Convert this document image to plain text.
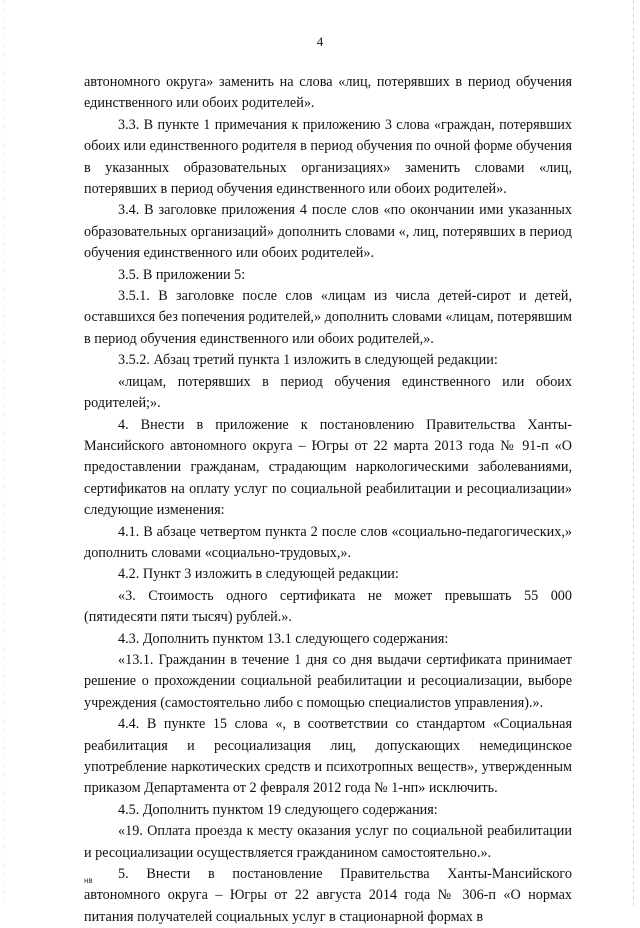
4

автономного округа» заменить на слова «лиц, потерявших в период обучения единственного или обоих родителей».

3.3. В пункте 1 примечания к приложению 3 слова «граждан, потерявших обоих или единственного родителя в период обучения по очной форме обучения в указанных образовательных организациях» заменить словами «лиц, потерявших в период обучения единственного или обоих родителей».

3.4. В заголовке приложения 4 после слов «по окончании ими указанных образовательных организаций» дополнить словами «, лиц, потерявших в период обучения единственного или обоих родителей».

3.5. В приложении 5:

3.5.1. В заголовке после слов «лицам из числа детей-сирот и детей, оставшихся без попечения родителей,» дополнить словами «лицам, потерявшим в период обучения единственного или обоих родителей,».

3.5.2. Абзац третий пункта 1 изложить в следующей редакции:

«лицам, потерявших в период обучения единственного или обоих родителей;».

4. Внести в приложение к постановлению Правительства Ханты-Мансийского автономного округа – Югры от 22 марта 2013 года № 91-п «О предоставлении гражданам, страдающим наркологическими заболеваниями, сертификатов на оплату услуг по социальной реабилитации и ресоциализации» следующие изменения:

4.1. В абзаце четвертом пункта 2 после слов «социально-педагогических,» дополнить словами «социально-трудовых,».

4.2. Пункт 3 изложить в следующей редакции:

«3. Стоимость одного сертификата не может превышать 55 000 (пятидесяти пяти тысяч) рублей.».

4.3. Дополнить пунктом 13.1 следующего содержания:

«13.1. Гражданин в течение 1 дня со дня выдачи сертификата принимает решение о прохождении социальной реабилитации и ресоциализации, выборе учреждения (самостоятельно либо с помощью специалистов управления).».

4.4. В пункте 15 слова «, в соответствии со стандартом «Социальная реабилитация и ресоциализация лиц, допускающих немедицинское употребление наркотических средств и психотропных веществ», утвержденным приказом Департамента от 2 февраля 2012 года № 1-нп» исключить.

4.5. Дополнить пунктом 19 следующего содержания:

«19. Оплата проезда к месту оказания услуг по социальной реабилитации и ресоциализации осуществляется гражданином самостоятельно.».

5. Внести в постановление Правительства Ханты-Мансийского автономного округа – Югры от 22 августа 2014 года № 306-п «О нормах питания получателей социальных услуг в стационарной формах в

нв
